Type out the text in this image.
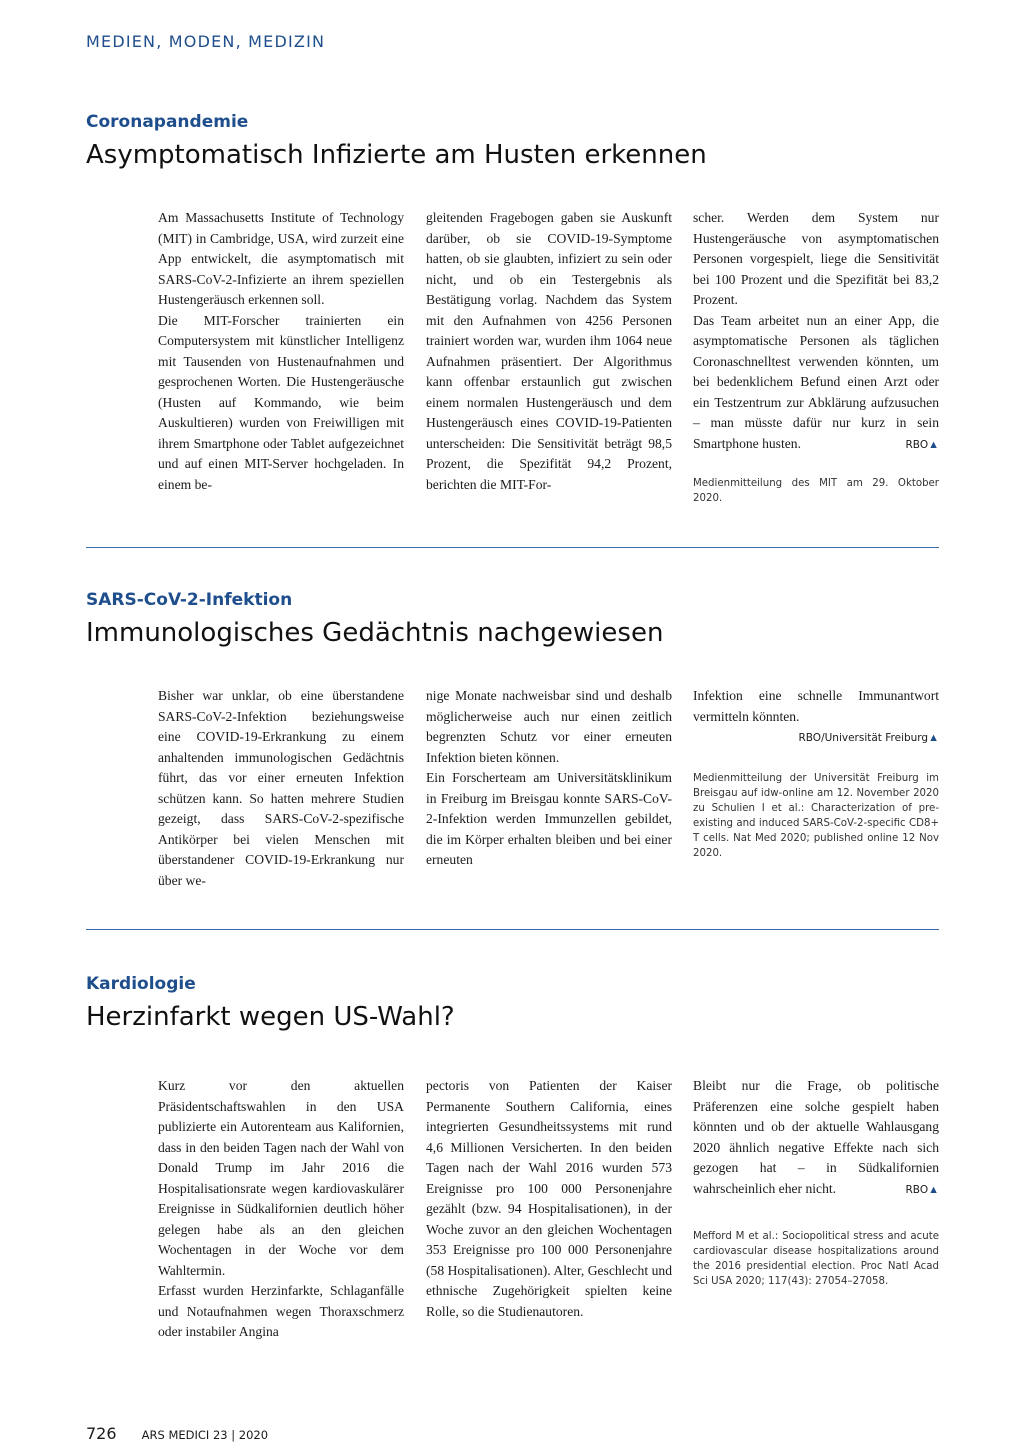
MEDIEN, MODEN, MEDIZIN
Coronapandemie
Asymptomatisch Infizierte am Husten erkennen

Am Massachusetts Institute of Technology (MIT) in Cambridge, USA, wird zurzeit eine App entwickelt, die asymptomatisch mit SARS-CoV-2-Infizierte an ihrem speziellen Hustengeräusch erkennen soll.

Die MIT-Forscher trainierten ein Computersystem mit künstlicher Intelligenz mit Tausenden von Hustenaufnahmen und gesprochenen Worten. Die Hustengeräusche (Husten auf Kommando, wie beim Auskultieren) wurden von Freiwilligen mit ihrem Smartphone oder Tablet aufgezeichnet und auf einen MIT-Server hochgeladen. In einem be-

gleitenden Fragebogen gaben sie Auskunft darüber, ob sie COVID-19-Symptome hatten, ob sie glaubten, infiziert zu sein oder nicht, und ob ein Testergebnis als Bestätigung vorlag. Nachdem das System mit den Aufnahmen von 4256 Personen trainiert worden war, wurden ihm 1064 neue Aufnahmen präsentiert. Der Algorithmus kann offenbar erstaunlich gut zwischen einem normalen Hustengeräusch und dem Hustengeräusch eines COVID-19-Patienten unterscheiden: Die Sensitivität beträgt 98,5 Prozent, die Spezifität 94,2 Prozent, berichten die MIT-For-

scher. Werden dem System nur Hustengeräusche von asymptomatischen Personen vorgespielt, liege die Sensitivität bei 100 Prozent und die Spezifität bei 83,2 Prozent.

Das Team arbeitet nun an einer App, die asymptomatische Personen als täglichen Coronaschnelltest verwenden könnten, um bei bedenklichem Befund einen Arzt oder ein Testzentrum zur Abklärung aufzusuchen – man müsste dafür nur kurz in sein Smartphone husten.	RBO▲

Medienmitteilung des MIT am 29. Oktober 2020.
SARS-CoV-2-Infektion
Immunologisches Gedächtnis nachgewiesen

Bisher war unklar, ob eine überstandene SARS-CoV-2-Infektion beziehungsweise eine COVID-19-Erkrankung zu einem anhaltenden immunologischen Gedächtnis führt, das vor einer erneuten Infektion schützen kann. So hatten mehrere Studien gezeigt, dass SARS-CoV-2-spezifische Antikörper bei vielen Menschen mit überstandener COVID-19-Erkrankung nur über we-

nige Monate nachweisbar sind und deshalb möglicherweise auch nur einen zeitlich begrenzten Schutz vor einer erneuten Infektion bieten können.

Ein Forscherteam am Universitätsklinikum in Freiburg im Breisgau konnte SARS-CoV-2-Infektion werden Immunzellen gebildet, die im Körper erhalten bleiben und bei einer erneuten

Infektion eine schnelle Immunantwort vermitteln könnten.

RBO/Universität Freiburg▲
Medienmitteilung der Universität Freiburg im Breisgau auf idw-online am 12. November 2020 zu Schulien I et al.: Characterization of pre-existing and induced SARS-CoV-2-specific CD8+ T cells. Nat Med 2020; published online 12 Nov 2020.
Kardiologie
Herzinfarkt wegen US-Wahl?

Kurz vor den aktuellen Präsidentschaftswahlen in den USA publizierte ein Autorenteam aus Kalifornien, dass in den beiden Tagen nach der Wahl von Donald Trump im Jahr 2016 die Hospitalisationsrate wegen kardiovaskulärer Ereignisse in Südkalifornien deutlich höher gelegen habe als an den gleichen Wochentagen in der Woche vor dem Wahltermin.

Erfasst wurden Herzinfarkte, Schlaganfälle und Notaufnahmen wegen Thoraxschmerz oder instabiler Angina

pectoris von Patienten der Kaiser Permanente Southern California, eines integrierten Gesundheitssystems mit rund 4,6 Millionen Versicherten. In den beiden Tagen nach der Wahl 2016 wurden 573 Ereignisse pro 100 000 Personenjahre gezählt (bzw. 94 Hospitalisationen), in der Woche zuvor an den gleichen Wochentagen 353 Ereignisse pro 100 000 Personenjahre (58 Hospitalisationen). Alter, Geschlecht und ethnische Zugehörigkeit spielten keine Rolle, so die Studienautoren.

Bleibt nur die Frage, ob politische Präferenzen eine solche gespielt haben könnten und ob der aktuelle Wahlausgang 2020 ähnlich negative Effekte nach sich gezogen hat – in Südkalifornien wahrscheinlich eher nicht.	RBO▲

Mefford M et al.: Sociopolitical stress and acute cardiovascular disease hospitalizations around the 2016 presidential election. Proc Natl Acad Sci USA 2020; 117(43): 27054–27058.
726 ARS MEDICI 23 | 2020
